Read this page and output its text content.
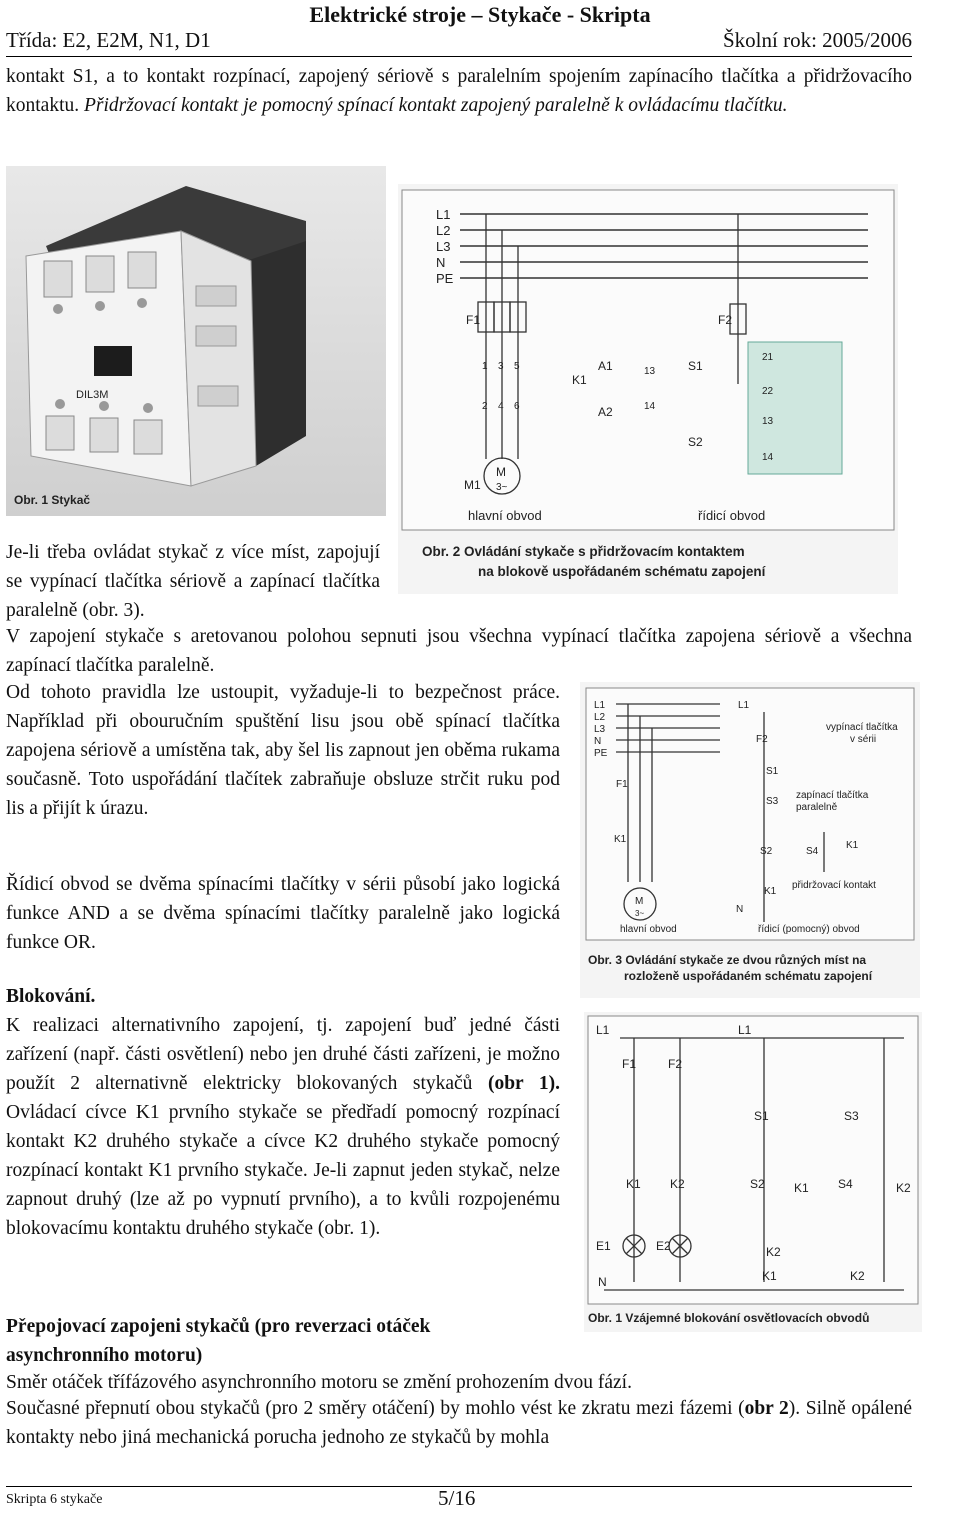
Elektrické stroje – Stykače - Skripta
Třída: E2, E2M, N1, D1	Školní rok: 2005/2006
kontakt S1, a to kontakt rozpínací, zapojený sériově s paralelním spojením zapínacího tlačítka a přidržovacího kontaktu. Přidržovací kontakt je pomocný spínací kontakt zapojený paralelně k ovládacímu tlačítku.
DIL3M
Obr. 1 Stykač
L1
L2
L3
N
PE
F1	F2
K1
A1
A2
S1
S2
M1
M
3~
1 3 5
2 4 6
13
14
21
22
13
14
hlavní obvod	řídicí obvod
Obr. 2 Ovládání stykače s přidržovacím kontaktem
na blokově uspořádaném schématu zapojení
Je-li třeba ovládat stykač z více míst, zapojují se vypínací tlačítka sériově a zapínací tlačítka paralelně (obr. 3).
V zapojení stykače s aretovanou polohou sepnuti jsou všechna vypínací tlačítka zapojena sériově a všechna zapínací tlačítka paralelně.
Od tohoto pravidla lze ustoupit, vyžaduje-li to bezpečnost práce. Například při obouručním spuštění lisu jsou obě spínací tlačítka zapojena sériově a umístěna tak, aby šel lis zapnout jen oběma rukama současně. Toto uspořádání tlačítek zabraňuje obsluze strčit ruku pod lis a přijít k úrazu.
Řídicí obvod se dvěma spínacími tlačítky v sérii působí jako logická funkce AND a se dvěma spínacími tlačítky paralelně jako logická funkce OR.
L1
L2
L3
N
PE
L1
F1
F2
K1
S1
S3
S2	S4
K1
K1
N
M
3~
vypínací tlačítka
v sérii
zapínací tlačítka
paralelně
přidržovací kontakt
hlavní obvod	řídicí (pomocný) obvod
Obr. 3 Ovládání stykače ze dvou různých míst na
rozloženě uspořádaném schématu zapojení
Blokování.
K realizaci alternativního zapojení, tj. zapojení buď jedné části zařízení (např. části osvětlení) nebo jen druhé části zařízeni, je možno použít 2 alternativně elektricky blokovaných stykačů (obr 1). Ovládací cívce K1 prvního stykače se předřadí pomocný rozpínací kontakt K2 druhého stykače a cívce K2 druhého stykače pomocný rozpínací kontakt K1 prvního stykače. Je-li zapnut jeden stykač, nelze zapnout druhý (lze až po vypnutí prvního), a to kvůli rozpojenému blokovacímu kontaktu druhého stykače (obr. 1).
L1	L1
F1	F2
S1	S3
S2	S4
K1 K2	K1	K2
K2
K1
E1	E2
N	K2
Obr. 1 Vzájemné blokování osvětlovacích obvodů
Přepojovací zapojeni stykačů (pro reverzaci otáček
asynchronního motoru)
Směr otáček třífázového asynchronního motoru se změní prohozením dvou fází.
Současné přepnutí obou stykačů (pro 2 směry otáčení) by mohlo vést ke zkratu mezi fázemi (obr 2). Silně opálené kontakty nebo jiná mechanická porucha jednoho ze stykačů by mohla
Skripta 6 stykače	5/16
